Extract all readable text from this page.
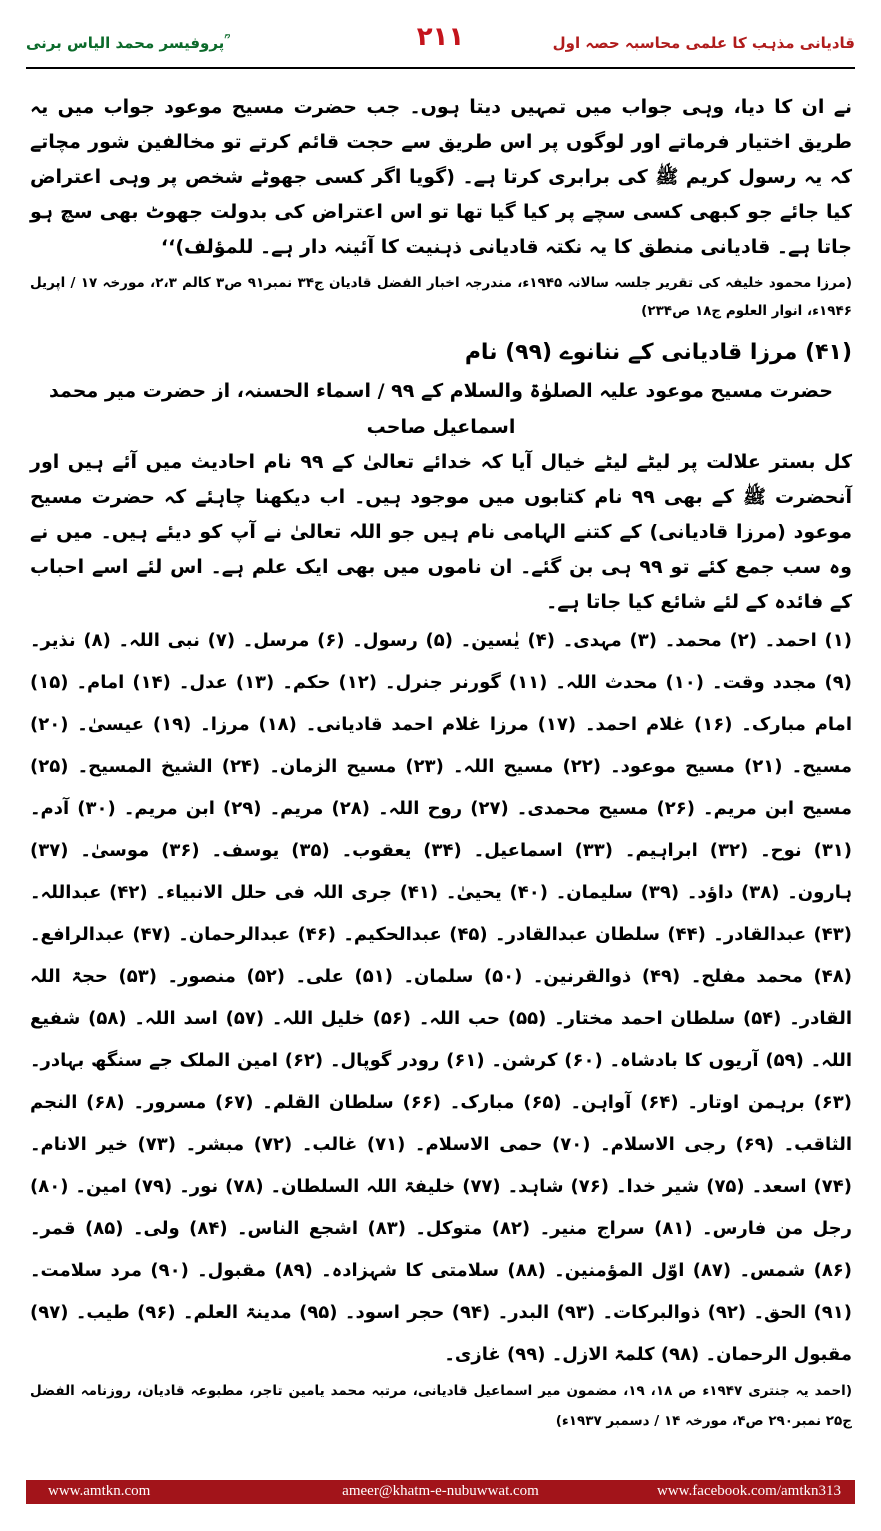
پروفیسر محمد الیاس برنی ؒ	۲۱۱	قادیانی مذہب کا علمی محاسبہ حصہ اول

نے ان کا دیا، وہی جواب میں تمہیں دیتا ہوں۔ جب حضرت مسیح موعود جواب میں یہ طریق اختیار فرماتے اور لوگوں پر اس طریق سے حجت قائم کرتے تو مخالفین شور مچاتے کہ یہ رسول کریم ﷺ کی برابری کرتا ہے۔ (گویا اگر کسی جھوٹے شخص پر وہی اعتراض کیا جائے جو کبھی کسی سچے پر کیا گیا تھا تو اس اعتراض کی بدولت جھوٹ بھی سچ ہو جاتا ہے۔ قادیانی منطق کا یہ نکتہ قادیانی ذہنیت کا آئینہ دار ہے۔ للمؤلف)‘‘

(مرزا محمود خلیفہ کی تقریر جلسہ سالانہ ۱۹۴۵ء، مندرجہ اخبار الفضل قادیان ج۳۴ نمبر۹۱ ص۳ کالم ۲،۳، مورخہ ۱۷ / اپریل ۱۹۴۶ء، انوار العلوم ج۱۸ ص۲۳۴)

(۴۱) مرزا قادیانی کے ننانوے (۹۹) نام

حضرت مسیح موعود علیہ الصلوٰۃ والسلام کے ۹۹ / اسماء الحسنہ، از حضرت میر محمد اسماعیل صاحب

کل بستر علالت پر لیٹے لیٹے خیال آیا کہ خدائے تعالیٰ کے ۹۹ نام احادیث میں آئے ہیں اور آنحضرت ﷺ کے بھی ۹۹ نام کتابوں میں موجود ہیں۔ اب دیکھنا چاہئے کہ حضرت مسیح موعود (مرزا قادیانی) کے کتنے الہامی نام ہیں جو اللہ تعالیٰ نے آپ کو دیئے ہیں۔ میں نے وہ سب جمع کئے تو ۹۹ ہی بن گئے۔ ان ناموں میں بھی ایک علم ہے۔ اس لئے اسے احباب کے فائدہ کے لئے شائع کیا جاتا ہے۔

(۱) احمد۔ (۲) محمد۔ (۳) مہدی۔ (۴) یٰسین۔ (۵) رسول۔ (۶) مرسل۔ (۷) نبی اللہ۔ (۸) نذیر۔ (۹) مجدد وقت۔ (۱۰) محدث اللہ۔ (۱۱) گورنر جنرل۔ (۱۲) حکم۔ (۱۳) عدل۔ (۱۴) امام۔ (۱۵) امام مبارک۔ (۱۶) غلام احمد۔ (۱۷) مرزا غلام احمد قادیانی۔ (۱۸) مرزا۔ (۱۹) عیسیٰ۔ (۲۰) مسیح۔ (۲۱) مسیح موعود۔ (۲۲) مسیح اللہ۔ (۲۳) مسیح الزمان۔ (۲۴) الشیخ المسیح۔ (۲۵) مسیح ابن مریم۔ (۲۶) مسیح محمدی۔ (۲۷) روح اللہ۔ (۲۸) مریم۔ (۲۹) ابن مریم۔ (۳۰) آدم۔ (۳۱) نوح۔ (۳۲) ابراہیم۔ (۳۳) اسماعیل۔ (۳۴) یعقوب۔ (۳۵) یوسف۔ (۳۶) موسیٰ۔ (۳۷) ہارون۔ (۳۸) داؤد۔ (۳۹) سلیمان۔ (۴۰) یحییٰ۔ (۴۱) جری اللہ فی حلل الانبیاء۔ (۴۲) عبداللہ۔ (۴۳) عبدالقادر۔ (۴۴) سلطان عبدالقادر۔ (۴۵) عبدالحکیم۔ (۴۶) عبدالرحمان۔ (۴۷) عبدالرافع۔ (۴۸) محمد مفلح۔ (۴۹) ذوالقرنین۔ (۵۰) سلمان۔ (۵۱) علی۔ (۵۲) منصور۔ (۵۳) حجۃ اللہ القادر۔ (۵۴) سلطان احمد مختار۔ (۵۵) حب اللہ۔ (۵۶) خلیل اللہ۔ (۵۷) اسد اللہ۔ (۵۸) شفیع اللہ۔ (۵۹) آریوں کا بادشاہ۔ (۶۰) کرشن۔ (۶۱) رودر گوپال۔ (۶۲) امین الملک جے سنگھ بہادر۔ (۶۳) برہمن اوتار۔ (۶۴) آواہن۔ (۶۵) مبارک۔ (۶۶) سلطان القلم۔ (۶۷) مسرور۔ (۶۸) النجم الثاقب۔ (۶۹) رجی الاسلام۔ (۷۰) حمی الاسلام۔ (۷۱) غالب۔ (۷۲) مبشر۔ (۷۳) خیر الانام۔ (۷۴) اسعد۔ (۷۵) شیر خدا۔ (۷۶) شاہد۔ (۷۷) خلیفۃ اللہ السلطان۔ (۷۸) نور۔ (۷۹) امین۔ (۸۰) رجل من فارس۔ (۸۱) سراج منیر۔ (۸۲) متوکل۔ (۸۳) اشجع الناس۔ (۸۴) ولی۔ (۸۵) قمر۔ (۸۶) شمس۔ (۸۷) اوّل المؤمنین۔ (۸۸) سلامتی کا شہزادہ۔ (۸۹) مقبول۔ (۹۰) مرد سلامت۔ (۹۱) الحق۔ (۹۲) ذوالبرکات۔ (۹۳) البدر۔ (۹۴) حجر اسود۔ (۹۵) مدینۃ العلم۔ (۹۶) طیب۔ (۹۷) مقبول الرحمان۔ (۹۸) کلمۃ الازل۔ (۹۹) غازی۔

(احمد یہ جنتری ۱۹۴۷ء ص ۱۸، ۱۹، مضمون میر اسماعیل قادیانی، مرتبہ محمد یامین تاجر، مطبوعہ قادیان، روزنامہ الفضل ج۲۵ نمبر۲۹۰ ص۴، مورخہ ۱۴ / دسمبر ۱۹۳۷ء)

www.amtkn.com	ameer@khatm-e-nubuwwat.com	www.facebook.com/amtkn313
